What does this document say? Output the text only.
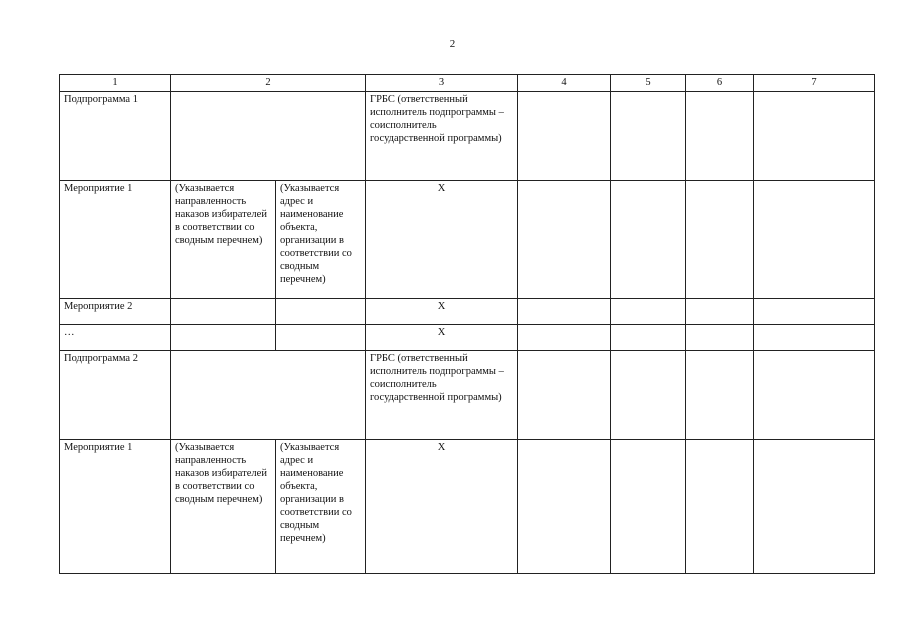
2
1	2		3	4	5	6	7
Подпрограмма 1			ГРБС (ответственный исполнитель подпрограммы – соисполнитель государственной программы)				
Мероприятие 1	(Указывается направленность наказов избирателей в соответствии со сводным перечнем)	(Указывается адрес и наименование объекта, организации в соответствии со сводным перечнем)	X				
Мероприятие 2			X				
…			X				
Подпрограмма 2			ГРБС (ответственный исполнитель подпрограммы – соисполнитель государственной программы)				
Мероприятие 1	(Указывается направленность наказов избирателей в соответствии со сводным перечнем)	(Указывается адрес и наименование объекта, организации в соответствии со сводным перечнем)	X				
